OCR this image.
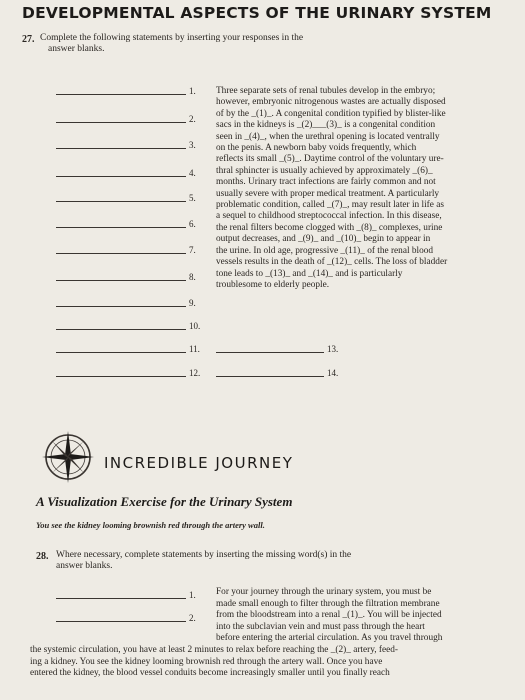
DEVELOPMENTAL ASPECTS OF THE URINARY SYSTEM
27. Complete the following statements by inserting your responses in the
answer blanks.
1.
2.
3.
4.
5.
6.
7.
8.
9.
10.
11.
12.
13.
14.
Three separate sets of renal tubules develop in the embryo;
however, embryonic nitrogenous wastes are actually disposed
of by the _(1)_. A congenital condition typified by blister-like
sacs in the kidneys is _(2)___(3)_ is a congenital condition
seen in _(4)_, when the urethral opening is located ventrally
on the penis. A newborn baby voids frequently, which
reflects its small _(5)_. Daytime control of the voluntary ure-
thral sphincter is usually achieved by approximately _(6)_
months. Urinary tract infections are fairly common and not
usually severe with proper medical treatment. A particularly
problematic condition, called _(7)_, may result later in life as
a sequel to childhood streptococcal infection. In this disease,
the renal filters become clogged with _(8)_ complexes, urine
output decreases, and _(9)_ and _(10)_ begin to appear in
the urine. In old age, progressive _(11)_ of the renal blood
vessels results in the death of _(12)_ cells. The loss of bladder
tone leads to _(13)_ and _(14)_ and is particularly
troublesome to elderly people.
INCREDIBLE JOURNEY
A Visualization Exercise for the Urinary System
You see the kidney looming brownish red through the artery wall.
28. Where necessary, complete statements by inserting the missing word(s) in the
answer blanks.
1.
2.
For your journey through the urinary system, you must be
made small enough to filter through the filtration membrane
from the bloodstream into a renal _(1)_. You will be injected
into the subclavian vein and must pass through the heart
before entering the arterial circulation. As you travel through
the systemic circulation, you have at least 2 minutes to relax before reaching the _(2)_ artery, feed-
ing a kidney. You see the kidney looming brownish red through the artery wall. Once you have
entered the kidney, the blood vessel conduits become increasingly smaller until you finally reach
